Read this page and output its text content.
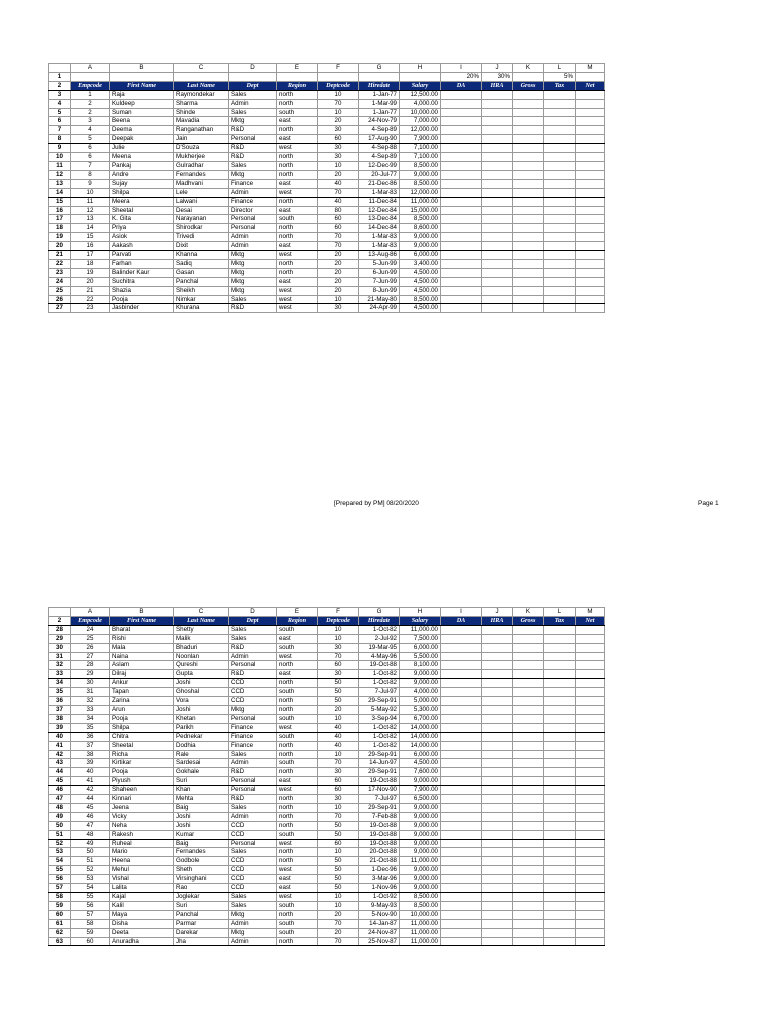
	A	B	C	D	E	F	G	H	I	J	K	L	M
1									20%	30%		5%	
2	Empcode	First Name	Last Name	Dept	Region	Deptcode	Hiredate	Salary	DA	HRA	Gross	Tax	Net
3	1	Raja	Raymondekar	Sales	north	10	1-Jan-77	12,500.00					
4	2	Kuldeep	Sharma	Admin	north	70	1-Mar-99	4,000.00					
5	2	Suman	Shinde	Sales	south	10	1-Jan-77	10,000.00					
6	3	Beena	Mavadia	Mktg	east	20	24-Nov-79	7,000.00					
7	4	Deema	Ranganathan	R&D	north	30	4-Sep-89	12,000.00					
8	5	Deepak	Jain	Personal	east	60	17-Aug-90	7,900.00					
9	6	Julie	D'Souza	R&D	west	30	4-Sep-88	7,100.00					
10	6	Meena	Mukherjee	R&D	north	30	4-Sep-89	7,100.00					
11	7	Pankaj	Gulradhar	Sales	north	10	12-Dec-99	8,500.00					
12	8	Andre	Fernandes	Mktg	north	20	20-Jul-77	9,000.00					
13	9	Sujay	Madhvani	Finance	east	40	21-Dec-86	8,500.00					
14	10	Shilpa	Lele	Admin	west	70	1-Mar-83	12,000.00					
15	11	Meera	Lalwani	Finance	north	40	11-Dec-84	11,000.00					
16	12	Sheetal	Desai	Director	east	80	12-Dec-84	15,000.00					
17	13	K. Gita	Narayanan	Personal	south	60	13-Dec-84	8,500.00					
18	14	Priya	Shirodkar	Personal	north	60	14-Dec-84	8,600.00					
19	15	Asiok	Trivedi	Admin	north	70	1-Mar-83	9,000.00					
20	16	Aakash	Dixit	Admin	east	70	1-Mar-83	9,000.00					
21	17	Parvati	Khanna	Mktg	west	20	13-Aug-86	6,000.00					
22	18	Farhan	Sadiq	Mktg	north	20	5-Jun-99	3,400.00					
23	19	Balinder Kaur	Gasan	Mktg	north	20	6-Jun-99	4,500.00					
24	20	Suchitra	Panchal	Mktg	east	20	7-Jun-99	4,500.00					
25	21	Shazia	Sheikh	Mktg	west	20	8-Jun-99	4,500.00					
26	22	Pooja	Nimkar	Sales	west	10	21-May-80	8,500.00					
27	23	Jasbinder	Khurana	R&D	west	30	24-Apr-99	4,500.00					
[Prepared by PM] 08/20/2020	Page 1
	A	B	C	D	E	F	G	H	I	J	K	L	M
2	Empcode	First Name	Last Name	Dept	Region	Deptcode	Hiredate	Salary	DA	HRA	Gross	Tax	Net
28	24	Bharat	Shetty	Sales	south	10	1-Oct-82	11,000.00					
29	25	Rishi	Malik	Sales	east	10	2-Jul-92	7,500.00					
30	26	Mala	Bhaduri	R&D	south	30	19-Mar-95	6,000.00					
31	27	Naina	Noonlan	Admin	west	70	4-May-96	5,500.00					
32	28	Aslam	Qureshi	Personal	north	60	19-Oct-88	8,100.00					
33	29	Dilraj	Gupta	R&D	east	30	1-Oct-82	9,000.00					
34	30	Ankur	Joshi	CCD	north	50	1-Oct-82	9,000.00					
35	31	Tapan	Ghoshal	CCD	south	50	7-Jul-97	4,000.00					
36	32	Zarina	Vora	CCD	north	50	29-Sep-91	5,000.00					
37	33	Arun	Joshi	Mktg	north	20	5-May-92	5,300.00					
38	34	Pooja	Khetan	Personal	south	10	3-Sep-94	6,700.00					
39	35	Shilpa	Parikh	Finance	west	40	1-Oct-82	14,000.00					
40	36	Chitra	Pednekar	Finance	south	40	1-Oct-82	14,000.00					
41	37	Sheetal	Dodhia	Finance	north	40	1-Oct-82	14,000.00					
42	38	Richa	Rale	Sales	north	10	29-Sep-91	6,000.00					
43	39	Kirtikar	Sardesai	Admin	south	70	14-Jun-97	4,500.00					
44	40	Pooja	Gokhale	R&D	north	30	29-Sep-91	7,600.00					
45	41	Piyush	Suri	Personal	east	60	19-Oct-88	9,000.00					
46	42	Shaheen	Khan	Personal	west	60	17-Nov-90	7,900.00					
47	44	Kinnari	Mehta	R&D	north	30	7-Jul-97	6,500.00					
48	45	Jeena	Baig	Sales	north	10	29-Sep-91	9,000.00					
49	46	Vicky	Joshi	Admin	north	70	7-Feb-88	9,000.00					
50	47	Neha	Joshi	CCD	north	50	19-Oct-88	9,000.00					
51	48	Rakesh	Kumar	CCD	south	50	19-Oct-88	9,000.00					
52	49	Ruheal	Baig	Personal	west	60	19-Oct-88	9,000.00					
53	50	Mario	Fernandes	Sales	north	10	20-Oct-88	9,000.00					
54	51	Heena	Godbole	CCD	north	50	21-Oct-88	11,000.00					
55	52	Mehul	Sheth	CCD	west	50	1-Dec-96	9,000.00					
56	53	Vishal	Virsinghani	CCD	east	50	3-Mar-96	9,000.00					
57	54	Lalita	Rao	CCD	east	50	1-Nov-96	9,000.00					
58	55	Kajal	Joglekar	Sales	west	10	1-Oct-92	8,500.00					
59	56	Kalil	Suri	Sales	south	10	9-May-93	8,500.00					
60	57	Maya	Panchal	Mktg	north	20	5-Nov-90	10,000.00					
61	58	Disha	Parmar	Admin	south	70	14-Jan-87	11,000.00					
62	59	Deeta	Darekar	Mktg	south	20	24-Nov-87	11,000.00					
63	60	Anuradha	Jha	Admin	north	70	25-Nov-87	11,000.00					
